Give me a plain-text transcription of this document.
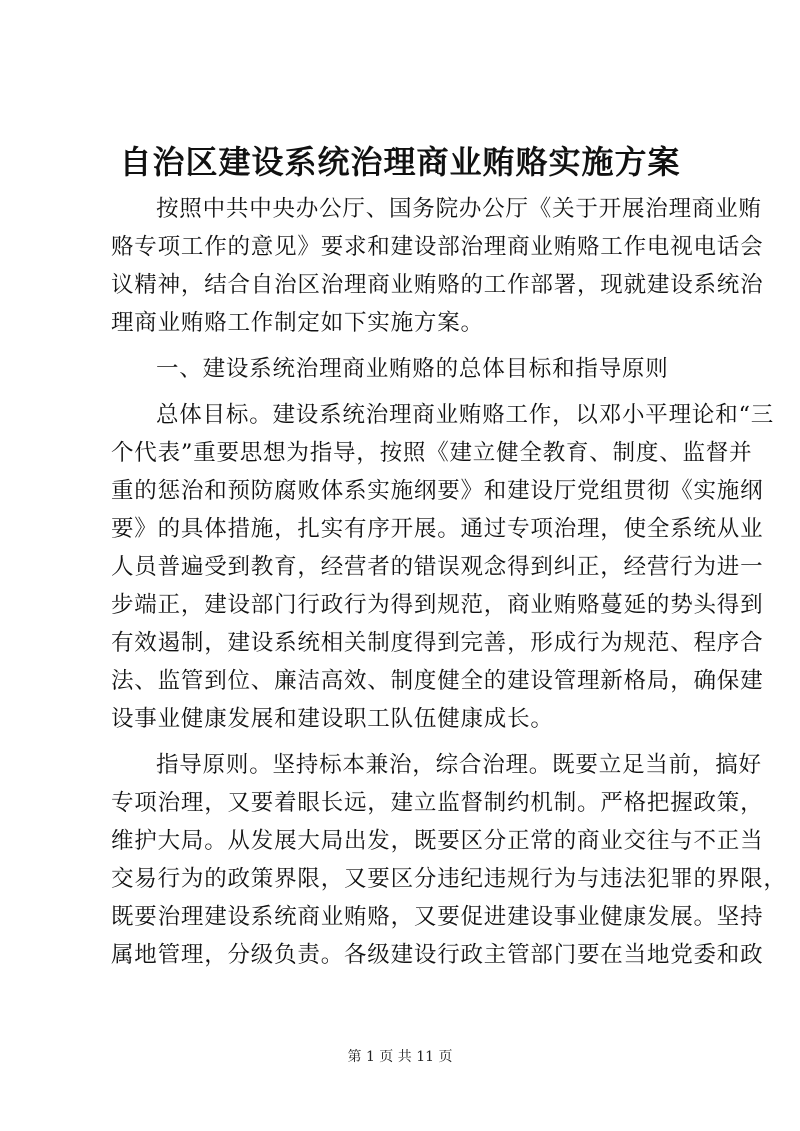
自治区建设系统治理商业贿赂实施方案
按照中共中央办公厅、国务院办公厅《关于开展治理商业贿
赂专项工作的意见》要求和建设部治理商业贿赂工作电视电话会
议精神，结合自治区治理商业贿赂的工作部署，现就建设系统治
理商业贿赂工作制定如下实施方案。
一、建设系统治理商业贿赂的总体目标和指导原则
总体目标。建设系统治理商业贿赂工作，以邓小平理论和“三
个代表”重要思想为指导，按照《建立健全教育、制度、监督并
重的惩治和预防腐败体系实施纲要》和建设厅党组贯彻《实施纲
要》的具体措施，扎实有序开展。通过专项治理，使全系统从业
人员普遍受到教育，经营者的错误观念得到纠正，经营行为进一
步端正，建设部门行政行为得到规范，商业贿赂蔓延的势头得到
有效遏制，建设系统相关制度得到完善，形成行为规范、程序合
法、监管到位、廉洁高效、制度健全的建设管理新格局，确保建
设事业健康发展和建设职工队伍健康成长。
指导原则。坚持标本兼治，综合治理。既要立足当前，搞好
专项治理，又要着眼长远，建立监督制约机制。严格把握政策，
维护大局。从发展大局出发，既要区分正常的商业交往与不正当
交易行为的政策界限，又要区分违纪违规行为与违法犯罪的界限，
既要治理建设系统商业贿赂，又要促进建设事业健康发展。坚持
属地管理，分级负责。各级建设行政主管部门要在当地党委和政
第 1 页 共 11 页
